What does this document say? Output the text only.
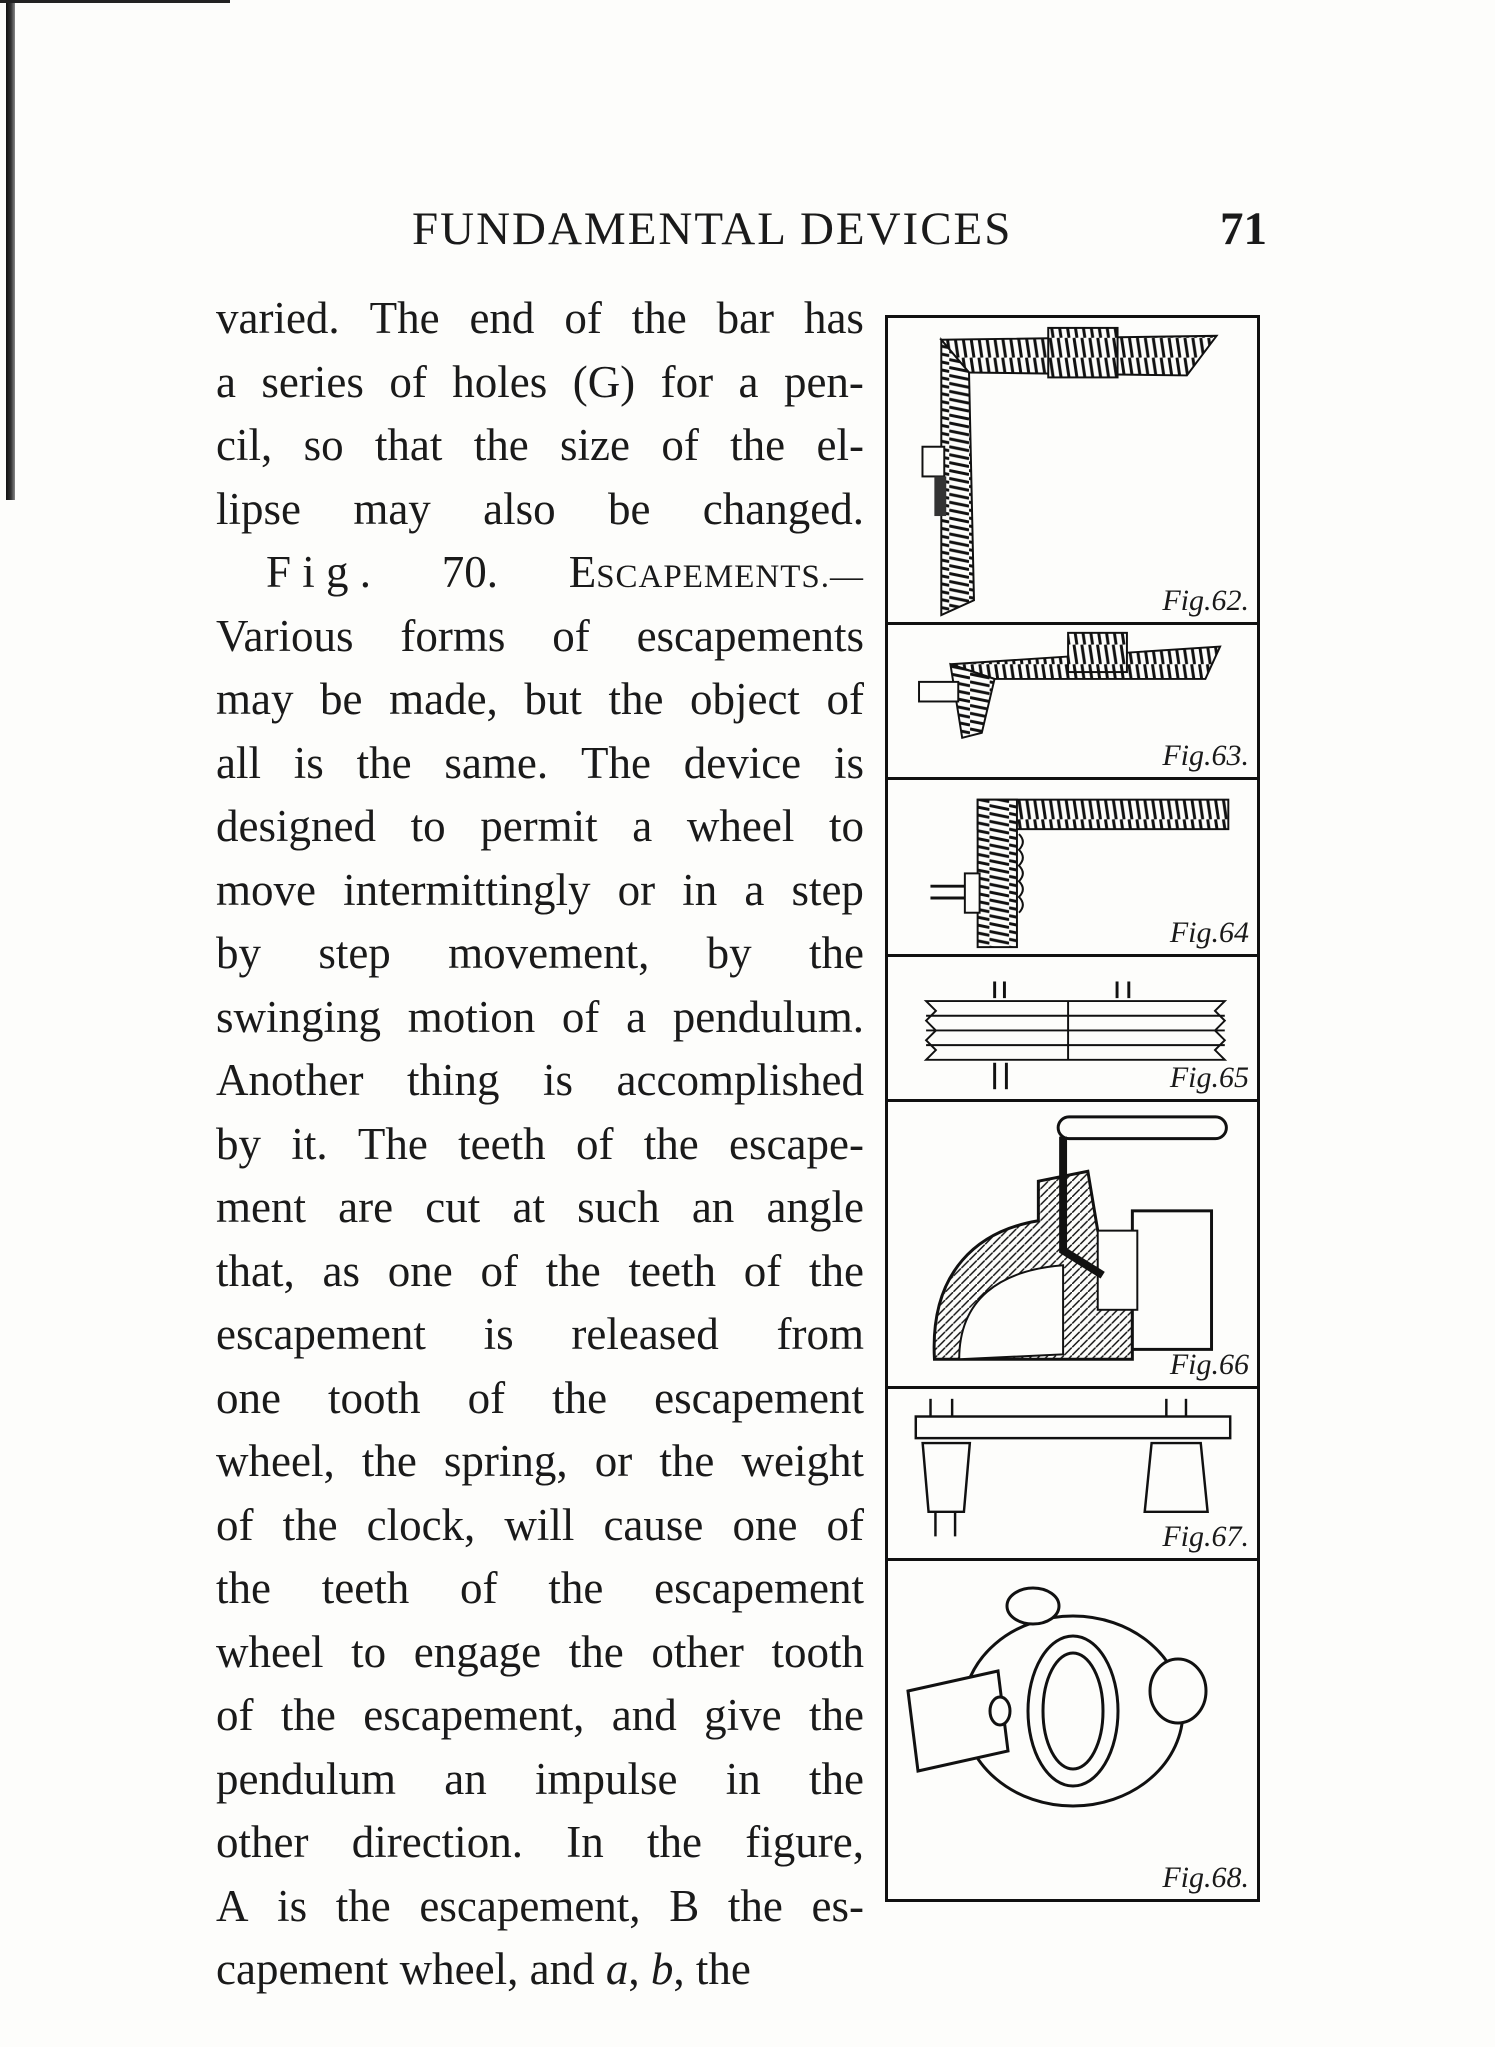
FUNDAMENTAL DEVICES	71
varied. The end of the bar has
a series of holes (G) for a pen-
cil, so that the size of the el-
lipse may also be changed.
F i g . 70. ESCAPEMENTS.—
Various forms of escapements
may be made, but the object of
all is the same. The device is
designed to permit a wheel to
move intermittingly or in a step
by step movement, by the
swinging motion of a pendulum.
Another thing is accomplished
by it. The teeth of the escape-
ment are cut at such an angle
that, as one of the teeth of the
escapement is released from
one tooth of the escapement
wheel, the spring, or the weight
of the clock, will cause one of
the teeth of the escapement
wheel to engage the other tooth
of the escapement, and give the
pendulum an impulse in the
other direction. In the figure,
A is the escapement, B the es-
capement wheel, and a, b, the
Fig.62.
Fig.63.
Fig.64
Fig.65
Fig.66
Fig.67.
Fig.68.
